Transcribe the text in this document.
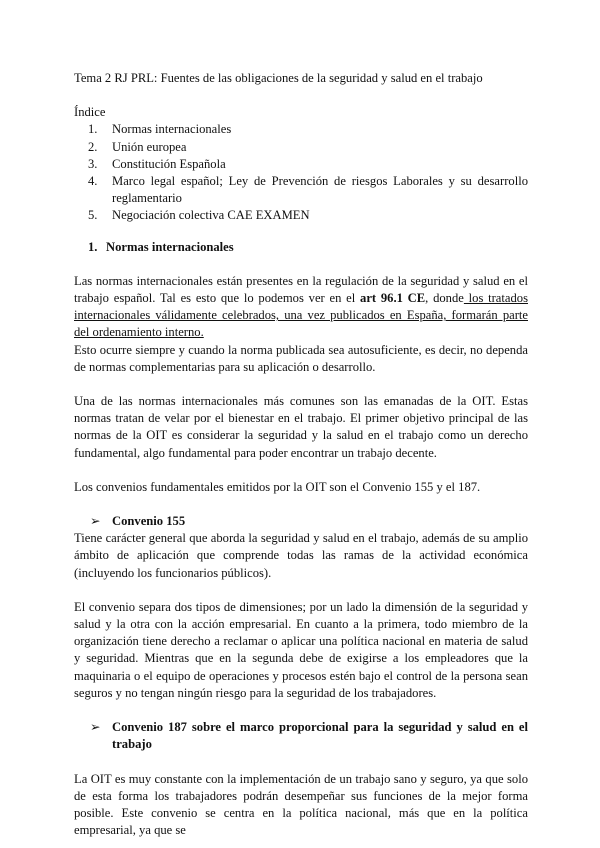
Tema 2 RJ PRL: Fuentes de las obligaciones de la seguridad y salud en el trabajo

Índice

1.	Normas internacionales
2.	Unión europea
3.	Constitución Española
4.	Marco legal español; Ley de Prevención de riesgos Laborales y su desarrollo reglamentario
5.	Negociación colectiva CAE EXAMEN
1. Normas internacionales

Las normas internacionales están presentes en la regulación de la seguridad y salud en el trabajo español. Tal es esto que lo podemos ver en el art 96.1 CE, donde los tratados internacionales válidamente celebrados, una vez publicados en España, formarán parte del ordenamiento interno.

Esto ocurre siempre y cuando la norma publicada sea autosuficiente, es decir, no dependa de normas complementarias para su aplicación o desarrollo.

Una de las normas internacionales más comunes son las emanadas de la OIT. Estas normas tratan de velar por el bienestar en el trabajo. El primer objetivo principal de las normas de la OIT es considerar la seguridad y la salud en el trabajo como un derecho fundamental, algo fundamental para poder encontrar un trabajo decente.

Los convenios fundamentales emitidos por la OIT son el Convenio 155 y el 187.

➢ Convenio 155

Tiene carácter general que aborda la seguridad y salud en el trabajo, además de su amplio ámbito de aplicación que comprende todas las ramas de la actividad económica (incluyendo los funcionarios públicos).

El convenio separa dos tipos de dimensiones; por un lado la dimensión de la seguridad y salud y la otra con la acción empresarial. En cuanto a la primera, todo miembro de la organización tiene derecho a reclamar o aplicar una política nacional en materia de salud y seguridad. Mientras que en la segunda debe de exigirse a los empleadores que la maquinaria o el equipo de operaciones y procesos estén bajo el control de la persona sean seguros y no tengan ningún riesgo para la seguridad de los trabajadores.

➢ Convenio 187 sobre el marco proporcional para la seguridad y salud en el trabajo

La OIT es muy constante con la implementación de un trabajo sano y seguro, ya que solo de esta forma los trabajadores podrán desempeñar sus funciones de la mejor forma posible. Este convenio se centra en la política nacional, más que en la política empresarial, ya que se
